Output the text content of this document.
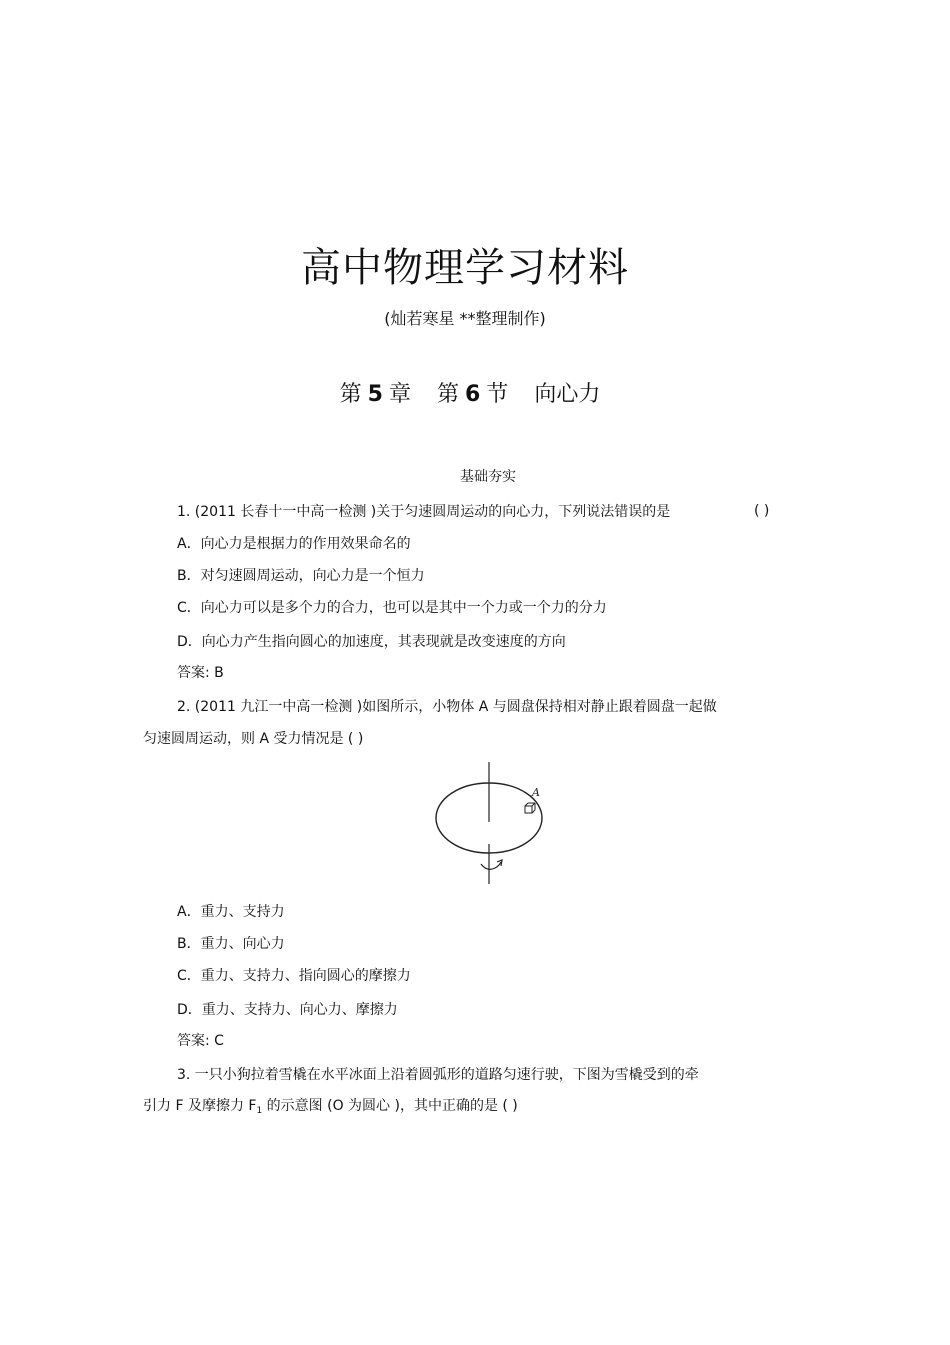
高中物理学习材料
(灿若寒星 **整理制作)
第 5 章 第 6 节 向心力
基础夯实
1. (2011 长春十一中高一检测 )关于匀速圆周运动的向心力，下列说法错误的是	( )
A．向心力是根据力的作用效果命名的
B．对匀速圆周运动，向心力是一个恒力
C．向心力可以是多个力的合力，也可以是其中一个力或一个力的分力
D．向心力产生指向圆心的加速度，其表现就是改变速度的方向
答案: B
2. (2011 九江一中高一检测 )如图所示，小物体 A 与圆盘保持相对静止跟着圆盘一起做
匀速圆周运动，则 A 受力情况是 ( )
A
A．重力、支持力
B．重力、向心力
C．重力、支持力、指向圆心的摩擦力
D．重力、支持力、向心力、摩擦力
答案: C
3. 一只小狗拉着雪橇在水平冰面上沿着圆弧形的道路匀速行驶，下图为雪橇受到的牵
引力 F 及摩擦力 $F_1$ 的示意图 (O 为圆心 )，其中正确的是 ( )
